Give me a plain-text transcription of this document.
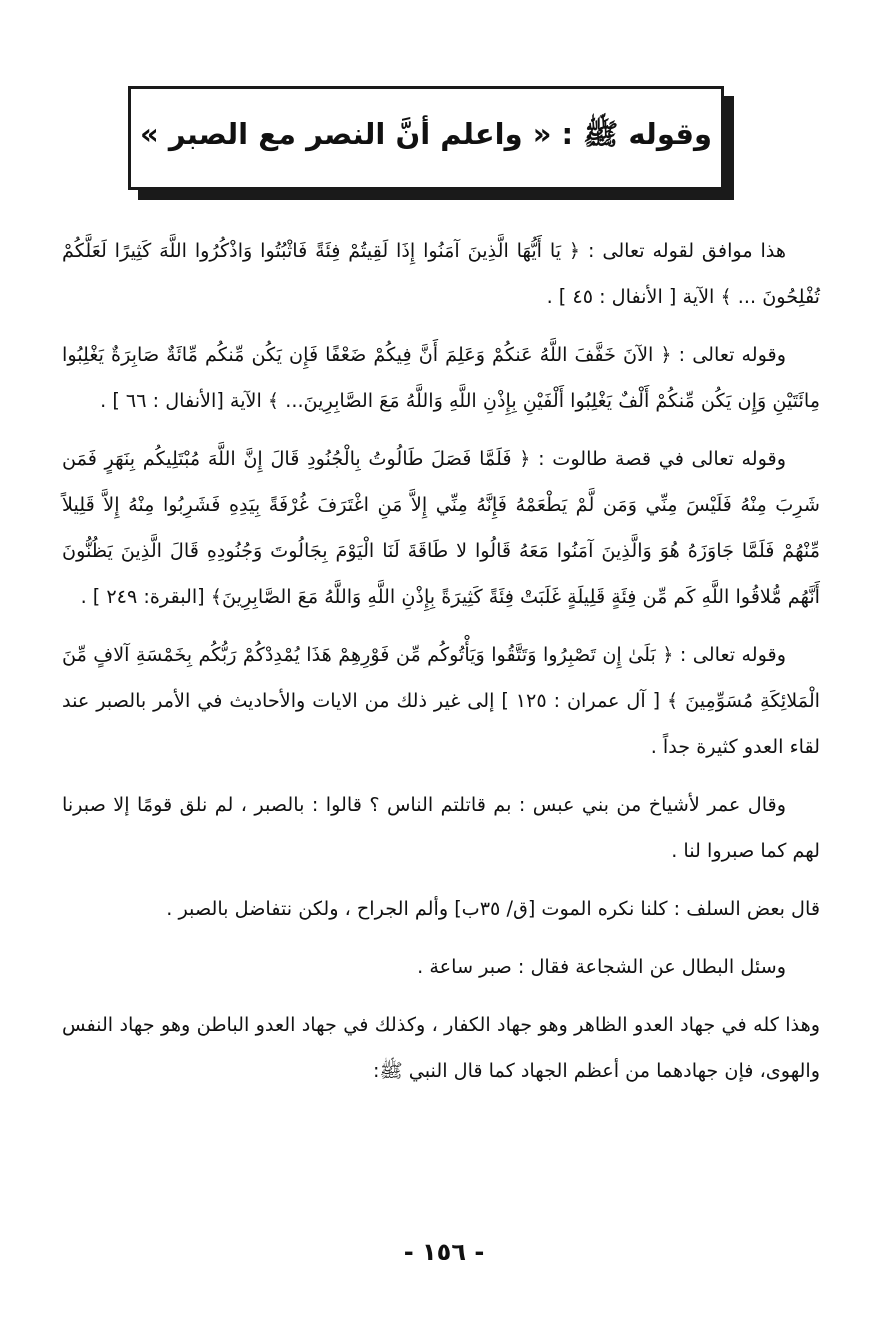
وقوله ﷺ : « واعلم أنَّ النصر مع الصبر »

هذا موافق لقوله تعالى : ﴿ يَا أَيُّهَا الَّذِينَ آمَنُوا إِذَا لَقِيتُمْ فِئَةً فَاثْبُتُوا وَاذْكُرُوا اللَّهَ كَثِيرًا لَعَلَّكُمْ تُفْلِحُونَ ... ﴾ الآية [ الأنفال : ٤٥ ] .

وقوله تعالى : ﴿ الآنَ خَفَّفَ اللَّهُ عَنكُمْ وَعَلِمَ أَنَّ فِيكُمْ ضَعْفًا فَإِن يَكُن مِّنكُم مِّائَةٌ صَابِرَةٌ يَغْلِبُوا مِائَتَيْنِ وَإِن يَكُن مِّنكُمْ أَلْفٌ يَغْلِبُوا أَلْفَيْنِ بِإِذْنِ اللَّهِ وَاللَّهُ مَعَ الصَّابِرِينَ... ﴾ الآية [الأنفال : ٦٦ ] .

وقوله تعالى في قصة طالوت : ﴿ فَلَمَّا فَصَلَ طَالُوتُ بِالْجُنُودِ قَالَ إِنَّ اللَّهَ مُبْتَلِيكُم بِنَهَرٍ فَمَن شَرِبَ مِنْهُ فَلَيْسَ مِنِّي وَمَن لَّمْ يَطْعَمْهُ فَإِنَّهُ مِنِّي إِلاَّ مَنِ اغْتَرَفَ غُرْفَةً بِيَدِهِ فَشَرِبُوا مِنْهُ إِلاَّ قَلِيلاً مِّنْهُمْ فَلَمَّا جَاوَزَهُ هُوَ وَالَّذِينَ آمَنُوا مَعَهُ قَالُوا لا طَاقَةَ لَنَا الْيَوْمَ بِجَالُوتَ وَجُنُودِهِ قَالَ الَّذِينَ يَظُنُّونَ أَنَّهُم مُّلاقُوا اللَّهِ كَم مِّن فِئَةٍ قَلِيلَةٍ غَلَبَتْ فِئَةً كَثِيرَةً بِإِذْنِ اللَّهِ وَاللَّهُ مَعَ الصَّابِرِينَ﴾ [البقرة: ٢٤٩ ] .

وقوله تعالى : ﴿ بَلَىٰ إِن تَصْبِرُوا وَتَتَّقُوا وَيَأْتُوكُم مِّن فَوْرِهِمْ هَذَا يُمْدِدْكُمْ رَبُّكُم بِخَمْسَةِ آلافٍ مِّنَ الْمَلائِكَةِ مُسَوِّمِينَ ﴾ [ آل عمران : ١٢٥ ] إلى غير ذلك من الايات والأحاديث في الأمر بالصبر عند لقاء العدو كثيرة جداً .

وقال عمر لأشياخ من بني عبس : بم قاتلتم الناس ؟ قالوا : بالصبر ، لم نلق قومًا إلا صبرنا لهم كما صبروا لنا .

قال بعض السلف : كلنا نكره الموت [ق/ ٣٥ب] وألم الجراح ، ولكن نتفاضل بالصبر .

وسئل البطال عن الشجاعة فقال : صبر ساعة .

وهذا كله في جهاد العدو الظاهر وهو جهاد الكفار ، وكذلك في جهاد العدو الباطن وهو جهاد النفس والهوى، فإن جهادهما من أعظم الجهاد كما قال النبي ﷺ:

- ١٥٦ -
